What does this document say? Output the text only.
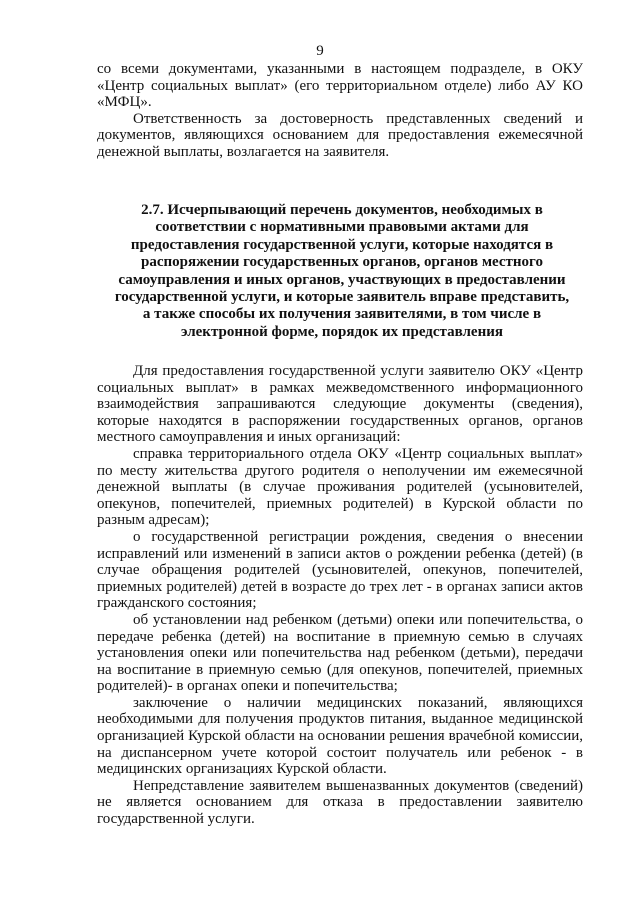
9

со всеми документами, указанными в настоящем подразделе, в ОКУ «Центр социальных выплат» (его территориальном отделе) либо АУ КО «МФЦ».

Ответственность за достоверность представленных сведений и документов, являющихся основанием для предоставления ежемесячной денежной выплаты, возлагается на заявителя.

2.7. Исчерпывающий перечень документов, необходимых в соответствии с нормативными правовыми актами для предоставления государственной услуги, которые находятся в распоряжении государственных органов, органов местного самоуправления и иных органов, участвующих в предоставлении государственной услуги, и которые заявитель вправе представить, а также способы их получения заявителями, в том числе в электронной форме, порядок их представления

Для предоставления государственной услуги заявителю ОКУ «Центр социальных выплат» в рамках межведомственного информационного взаимодействия запрашиваются следующие документы (сведения), которые находятся в распоряжении государственных органов, органов местного самоуправления и иных организаций:

справка территориального отдела ОКУ «Центр социальных выплат» по месту жительства другого родителя о неполучении им ежемесячной денежной выплаты (в случае проживания родителей (усыновителей, опекунов, попечителей, приемных родителей) в Курской области по разным адресам);

о государственной регистрации рождения, сведения о внесении исправлений или изменений в записи актов о рождении ребенка (детей) (в случае обращения родителей (усыновителей, опекунов, попечителей, приемных родителей) детей в возрасте до трех лет - в органах записи актов гражданского состояния;

об установлении над ребенком (детьми) опеки или попечительства, о передаче ребенка (детей) на воспитание в приемную семью в случаях установления опеки или попечительства над ребенком (детьми), передачи на воспитание в приемную семью (для опекунов, попечителей, приемных родителей)- в органах опеки и попечительства;

заключение о наличии медицинских показаний, являющихся необходимыми для получения продуктов питания, выданное медицинской организацией Курской области на основании решения врачебной комиссии, на диспансерном учете которой состоит получатель или ребенок - в медицинских организациях Курской области.

Непредставление заявителем вышеназванных документов (сведений) не является основанием для отказа в предоставлении заявителю государственной услуги.
